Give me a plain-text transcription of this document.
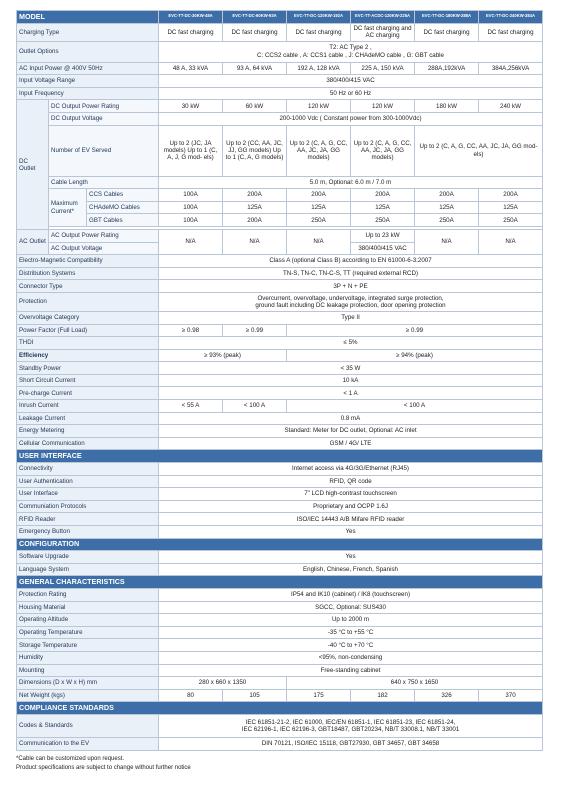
MODEL			EVC-TT-DC-30KW-48A	EVC-TT-DC-60KW-93A	EVC-TT-DC-120KW-192A	EVC-TT-ACDC-120KW-225A	EVC-TT-DC-180KW-288A	EVC-TT-DC-240KW-384A
Charging Type			DC fast charging	DC fast charging	DC fast charging	DC fast charging and AC charging	DC fast charging	DC fast charging
Outlet Options			T2: AC Type 2 ,
C: CCS2 cable , A: CCS1 cable , J: CHAdeMO cable , G: GBT cable					

AC Input Power @ 400V 50Hz			48 A, 33 kVA	93 A, 64 kVA	192 A, 128 kVA	225 A, 150 kVA	288A,192kVA	384A,256kVA
Input Voltage Range			380/400/415 VAC					
Input Frequency			50 Hz or 60 Hz					
DC Outlet	DC Output Power Rating		30 kW	60 kW	120 kW	120 kW	180 kW	240 kW
	DC Output Voltage		200-1000 Vdc ( Constant power from 300-1000Vdc)					
	Number of EV Served		Up to 2 (JC, JA models) Up to 1 (C, A, J, G mod- els)	Up to 2 (CC, AA, JC, JJ, GG models) Up to 1 (C, A, G models)	Up to 2 (C, A, G, CC, AA, JC, JA, GG models)	Up to 2 (C, A, G, CC, AA, JC, JA, GG models)	Up to 2 (C, A, G, CC, AA, JC, JA, GG mod- els)	
	Cable Length		5.0 m, Optional: 6.0 m / 7.0 m					
	Maximum Current*	CCS Cables	100A	200A	200A	200A	200A	200A
		CHAdeMO Cables	100A	125A	125A	125A	125A	125A
		GBT Cables	100A	200A	250A	250A	250A	250A

AC Outlet	AC Output Power Rating		N/A	N/A	N/A	Up to 23 kW	N/A	N/A
	AC Output Voltage					380/400/415 VAC		
Electro-Magnetic Compatibility			Class A (optional Class B) according to EN 61000-6-3:2007					
Distribution Systems			TN-S, TN-C, TN-C-S, TT (required external RCD)					
Connector Type			3P + N + PE					
Protection			Overcurrent, overvoltage, undervoltage, integrated surge protection,
ground fault including DC leakage protection, door opening protection					

Overvoltage Category			Type II					
Power Factor (Full Load)			≥ 0.98	≥ 0.99	≥ 0.99			
THDI			≤ 5%					
Efficiency			≥ 93% (peak)		≥ 94% (peak)			
Standby Power			< 35 W					
Short Circuit Current			10 kA					
Pre-charge Current			< 1 A					
Inrush Current			< 55 A	< 100 A	< 100 A			
Leakage Current			0.8 mA					
Energy Metering			Standard: Meter for DC outlet, Optional: AC inlet					
Cellular Communication			GSM / 4G/ LTE					
USER INTERFACE								
Connectivity			Internet access via 4G/3G/Ethernet (RJ45)					
User Authentication			RFID, QR code					
User Interface			7" LCD high-contrast touchscreen					
Communiation Protocols			Proprietary and OCPP 1.6J					
RFID Reader			ISO/IEC 14443 A/B Mifare RFID reader					
Emergency Button			Yes					
CONFIGURATION								
Software Upgrade			Yes					
Language System			English, Chinese, French, Spanish					
GENERAL CHARACTERISTICS								
Protection Rating			IP54 and IK10 (cabinet) / IK8 (touchscreen)					
Housing Material			SGCC, Optional: SUS430					
Operating Altitude			Up to 2000 m					
Operating Temperature			-35 °C to +55 °C					
Storage Temperature			-40 °C to +70 °C					
Humidity			<95%, non-condensing					
Mounting			Free-standing cabinet					
Dimensions (D x W x H) mm			280 x 660 x 1350		640 x 750 x 1650			
Net Weight (kgs)			80	105	175	182	326	370
COMPLIANCE STANDARDS								
Codes & Standards			IEC 61851-21-2, IEC 61000, IEC/EN 61851-1, IEC 61851-23, IEC 61851-24,
IEC 62196-1, IEC 62196-3, GBT18487, GBT20234, NB/T 33008.1, NB/T 33001					

Communication to the EV			DIN 70121, ISO/IEC 15118, GBT27930, GBT 34657, GBT 34658					
*Cable can be customized upon request.
Product specifications are subject to change without further notice
